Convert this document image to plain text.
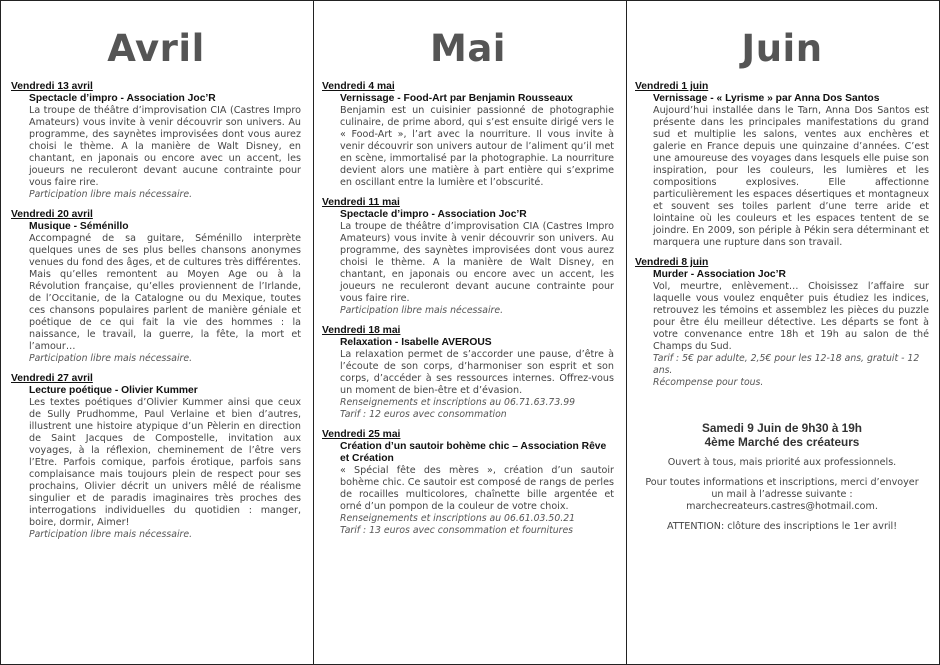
Avril
Vendredi 13 avril
Spectacle d’impro - Association Joc’R

La troupe de théâtre d’improvisation CIA (Castres Impro Amateurs) vous invite à venir découvrir son univers. Au programme, des saynètes improvisées dont vous aurez choisi le thème. A la manière de Walt Disney, en chantant, en japonais ou encore avec un accent, les joueurs ne reculeront devant aucune contrainte pour vous faire rire.

Participation libre mais nécessaire.

Vendredi 20 avril
Musique - Séménillo

Accompagné de sa guitare, Séménillo interprète quelques unes de ses plus belles chansons anonymes venues du fond des âges, et de cultures très différentes. Mais qu’elles remontent au Moyen Age ou à la Révolution française, qu’elles proviennent de l’Irlande, de l’Occitanie, de la Catalogne ou du Mexique, toutes ces chansons populaires parlent de manière géniale et poétique de ce qui fait la vie des hommes : la naissance, le travail, la guerre, la fête, la mort et l’amour…

Participation libre mais nécessaire.

Vendredi 27 avril
Lecture poétique - Olivier Kummer

Les textes poétiques d’Olivier Kummer ainsi que ceux de Sully Prudhomme, Paul Verlaine et bien d’autres, illustrent une histoire atypique d’un Pèlerin en direction de Saint Jacques de Compostelle, invitation aux voyages, à la réflexion, cheminement de l’être vers l’Etre. Parfois comique, parfois érotique, parfois sans complaisance mais toujours plein de respect pour ses prochains, Olivier décrit un univers mêlé de réalisme singulier et de paradis imaginaires très proches des interrogations individuelles du quotidien : manger, boire, dormir, Aimer!

Participation libre mais nécessaire.

Mai
Vendredi 4 mai
Vernissage - Food-Art par Benjamin Rousseaux

Benjamin est un cuisinier passionné de photographie culinaire, de prime abord, qui s’est ensuite dirigé vers le « Food-Art », l’art avec la nourriture. Il vous invite à venir découvrir son univers autour de l’aliment qu’il met en scène, immortalisé par la photographie. La nourriture devient alors une matière à part entière qui s’exprime en oscillant entre la lumière et l’obscurité.

Vendredi 11 mai
Spectacle d’impro - Association Joc’R

La troupe de théâtre d’improvisation CIA (Castres Impro Amateurs) vous invite à venir découvrir son univers. Au programme, des saynètes improvisées dont vous aurez choisi le thème. A la manière de Walt Disney, en chantant, en japonais ou encore avec un accent, les joueurs ne reculeront devant aucune contrainte pour vous faire rire.

Participation libre mais nécessaire.

Vendredi 18 mai
Relaxation - Isabelle AVEROUS

La relaxation permet de s’accorder une pause, d’être à l’écoute de son corps, d’harmoniser son esprit et son corps, d’accéder à ses ressources internes. Offrez-vous un moment de bien-être et d’évasion.

Renseignements et inscriptions au 06.71.63.73.99

Tarif : 12 euros avec consommation

Vendredi 25 mai
Création d’un sautoir bohème chic – Association Rêve et Création

« Spécial fête des mères », création d’un sautoir bohème chic. Ce sautoir est composé de rangs de perles de rocailles multicolores, chaînette bille argentée et orné d’un pompon de la couleur de votre choix.

Renseignements et inscriptions au 06.61.03.50.21

Tarif : 13 euros avec consommation et fournitures

Juin
Vendredi 1 juin
Vernissage - « Lyrisme » par Anna Dos Santos

Aujourd’hui installée dans le Tarn, Anna Dos Santos est présente dans les principales manifestations du grand sud et multiplie les salons, ventes aux enchères et galerie en France depuis une quinzaine d’années. C’est une amoureuse des voyages dans lesquels elle puise son inspiration, pour les couleurs, les lumières et les compositions explosives. Elle affectionne particulièrement les espaces désertiques et montagneux et souvent ses toiles parlent d’une terre aride et lointaine où les couleurs et les espaces tentent de se joindre. En 2009, son périple à Pékin sera déterminant et marquera une rupture dans son travail.

Vendredi 8 juin
Murder - Association Joc’R

Vol, meurtre, enlèvement… Choisissez l’affaire sur laquelle vous voulez enquêter puis étudiez les indices, retrouvez les témoins et assemblez les pièces du puzzle pour être élu meilleur détective. Les départs se font à votre convenance entre 18h et 19h au salon de thé Champs du Sud.

Tarif : 5€ par adulte, 2,5€ pour les 12-18 ans, gratuit - 12 ans.

Récompense pour tous.

Samedi 9 Juin de 9h30 à 19h

4ème Marché des créateurs

Ouvert à tous, mais priorité aux professionnels.

Pour toutes informations et inscriptions, merci d’envoyer un mail à l’adresse suivante : marchecreateurs.castres@hotmail.com.

ATTENTION: clôture des inscriptions le 1er avril!
